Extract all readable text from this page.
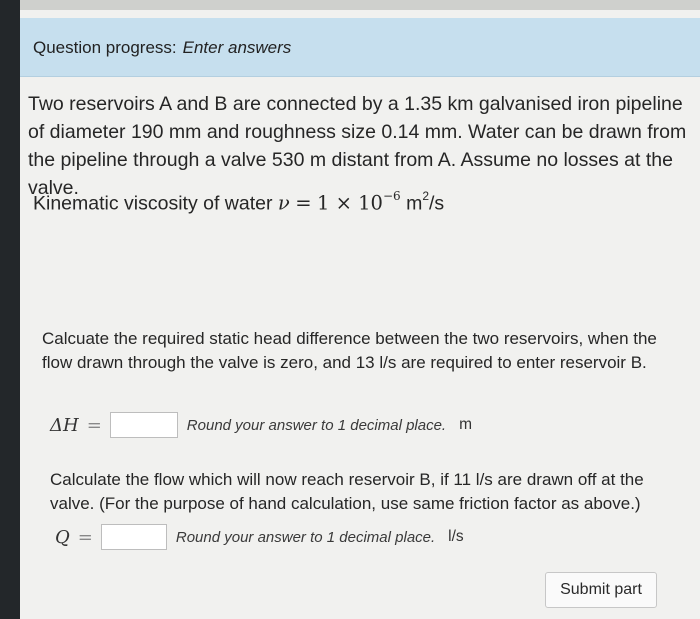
Question progress: Enter answers
Two reservoirs A and B are connected by a 1.35 km galvanised iron pipeline of diameter 190 mm and roughness size 0.14 mm. Water can be drawn from the pipeline through a valve 530 m distant from A. Assume no losses at the valve.
Kinematic viscosity of water $\nu = 1 \times 10^{-6}$ $m^2/s$
Calcuate the required static head difference between the two reservoirs, when the flow drawn through the valve is zero, and 13 l/s are required to enter reservoir B.
ΔH =	Round your answer to 1 decimal place. m
Calculate the flow which will now reach reservoir B, if 11 l/s are drawn off at the valve. (For the purpose of hand calculation, use same friction factor as above.)
Q =	Round your answer to 1 decimal place. l/s
Submit part
